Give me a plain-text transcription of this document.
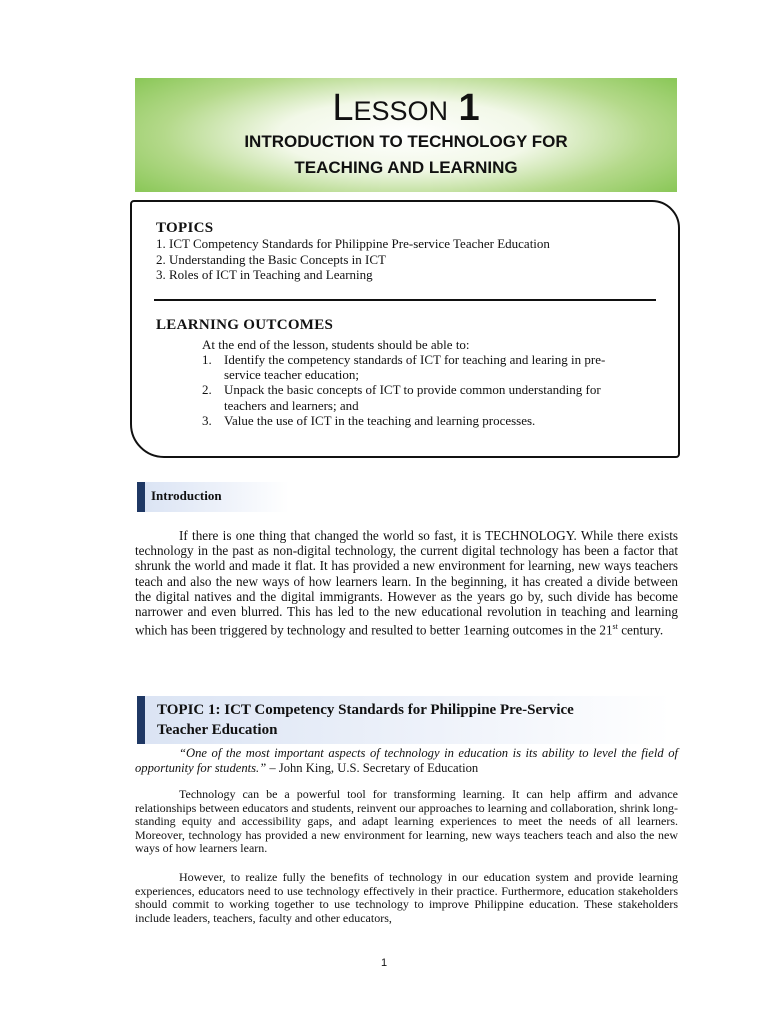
Lesson 1
INTRODUCTION TO TECHNOLOGY FOR
TEACHING AND LEARNING
TOPICS
1. ICT Competency Standards for Philippine Pre-service Teacher Education
2. Understanding the Basic Concepts in ICT
3. Roles of ICT in Teaching and Learning
LEARNING OUTCOMES
At the end of the lesson, students should be able to:
1. Identify the competency standards of ICT for teaching and learing in pre-service teacher education;
2. Unpack the basic concepts of ICT to provide common understanding for teachers and learners; and
3. Value the use of ICT in the teaching and learning processes.
Introduction
If there is one thing that changed the world so fast, it is TECHNOLOGY. While there exists technology in the past as non-digital technology, the current digital technology has been a factor that shrunk the world and made it flat. It has provided a new environment for learning, new ways teachers teach and also the new ways of how learners learn. In the beginning, it has created a divide between the digital natives and the digital immigrants. However as the years go by, such divide has become narrower and even blurred. This has led to the new educational revolution in teaching and learning which has been triggered by technology and resulted to better 1earning outcomes in the 21st century.
TOPIC 1: ICT Competency Standards for Philippine Pre-Service
Teacher Education
“One of the most important aspects of technology in education is its ability to level the field of opportunity for students.” – John King, U.S. Secretary of Education
Technology can be a powerful tool for transforming learning. It can help affirm and advance relationships between educators and students, reinvent our approaches to learning and collaboration, shrink long-standing equity and accessibility gaps, and adapt learning experiences to meet the needs of all learners. Moreover, technology has provided a new environment for learning, new ways teachers teach and also the new ways of how learners learn.
However, to realize fully the benefits of technology in our education system and provide learning experiences, educators need to use technology effectively in their practice. Furthermore, education stakeholders should commit to working together to use technology to improve Philippine education. These stakeholders include leaders, teachers, faculty and other educators,
1
